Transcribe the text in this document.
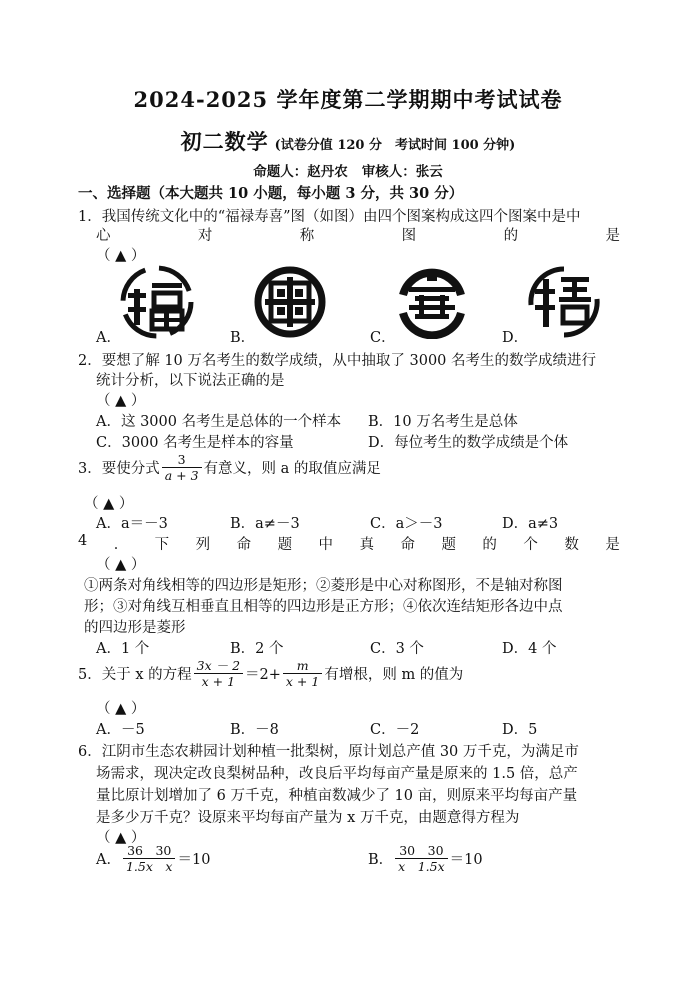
2024-2025 学年度第二学期期中考试试卷
初二数学 (试卷分值 120 分　考试时间 100 分钟)
命题人：赵丹农 审核人：张云
一、选择题（本大题共 10 小题，每小题 3 分，共 30 分）
1．我国传统文化中的“福禄寿喜”图（如图）由四个图案构成这四个图案中是中
心	对	称	图	的	是
（ ▲ ）
A．	B．	C．	D．
2．要想了解 10 万名考生的数学成绩，从中抽取了 3000 名考生的数学成绩进行
统计分析，以下说法正确的是
（ ▲ ）
A．这 3000 名考生是总体的一个样本 B．10 万名考生是总体
C．3000 名考生是样本的容量	D．每位考生的数学成绩是个体
3．要使分式 $\frac{3}{a + 3}$ 有意义，则 a 的取值应满足
（ ▲ ）
A．a＝－3	B．a≠－3	C．a＞－3	D．a≠3
4 ． 下 列 命 题 中 真 命 题 的 个 数 是
（ ▲ ）
①两条对角线相等的四边形是矩形；②菱形是中心对称图形，不是轴对称图
形；③对角线互相垂直且相等的四边形是正方形；④依次连结矩形各边中点
的四边形是菱形
A．1 个	B．2 个	C．3 个	D．4 个
5．关于 x 的方程 $\frac{3x - 2}{x + 1} =2+ \frac{m}{x + 1}$ 有增根，则 m 的值为
（ ▲ ）
A．－5	B．－8	C．－2	D．5
6．江阴市生态农耕园计划种植一批梨树，原计划总产值 30 万千克，为满足市
场需求，现决定改良梨树品种，改良后平均每亩产量是原来的 1.5 倍，总产
量比原计划增加了 6 万千克，种植亩数减少了 10 亩，则原来平均每亩产量
是多少万千克？设原来平均每亩产量为 x 万千克，由题意得方程为
（ ▲ ）
A． $\frac{36 30}{\text{1.5x　x}} =10$	B． $\frac{30 30}{x 1.5x} =10$
